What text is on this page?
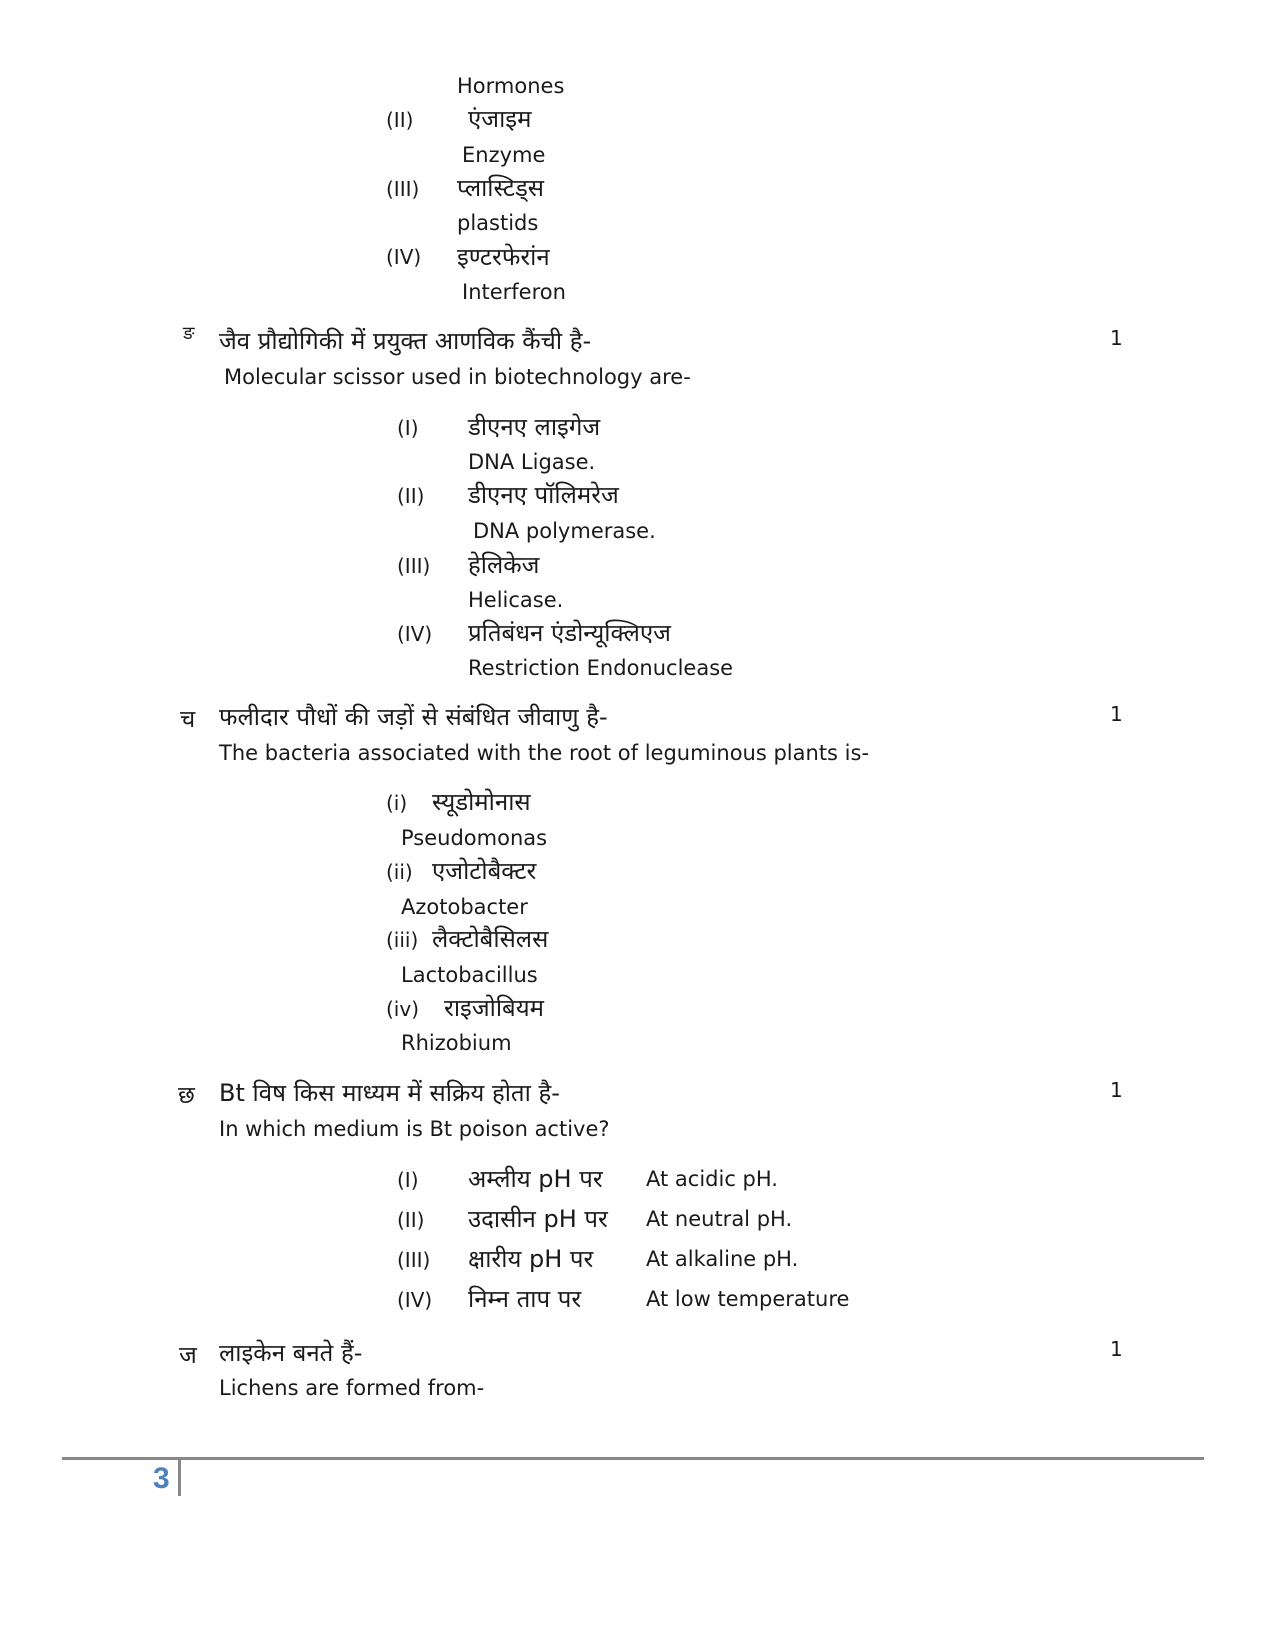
Hormones
(II) एंजाइम
Enzyme
(III) प्लास्टिड्स
plastids
(IV) इण्टरफेरांन
Interferon
ङ जैव प्रौद्योगिकी में प्रयुक्त आणविक कैंची है-	1
Molecular scissor used in biotechnology are-
(I) डीएनए लाइगेज
DNA Ligase.
(II) डीएनए पॉलिमरेज
DNA polymerase.
(III) हेलिकेज
Helicase.
(IV) प्रतिबंधन एंडोन्यूक्लिएज
Restriction Endonuclease
च फलीदार पौधों की जड़ों से संबंधित जीवाणु है-	1
The bacteria associated with the root of leguminous plants is-
(i) स्यूडोमोनास
Pseudomonas
(ii) एजोटोबैक्टर
Azotobacter
(iii) लैक्टोबैसिलस
Lactobacillus
(iv) राइजोबियम
Rhizobium
छ Bt विष किस माध्यम में सक्रिय होता है-	1
In which medium is Bt poison active?
(I) अम्लीय pH पर At acidic pH.
(II) उदासीन pH पर At neutral pH.
(III) क्षारीय pH पर	At alkaline pH.
(IV) निम्न ताप पर	At low temperature
ज लाइकेन बनते हैं-	1
Lichens are formed from-
3
